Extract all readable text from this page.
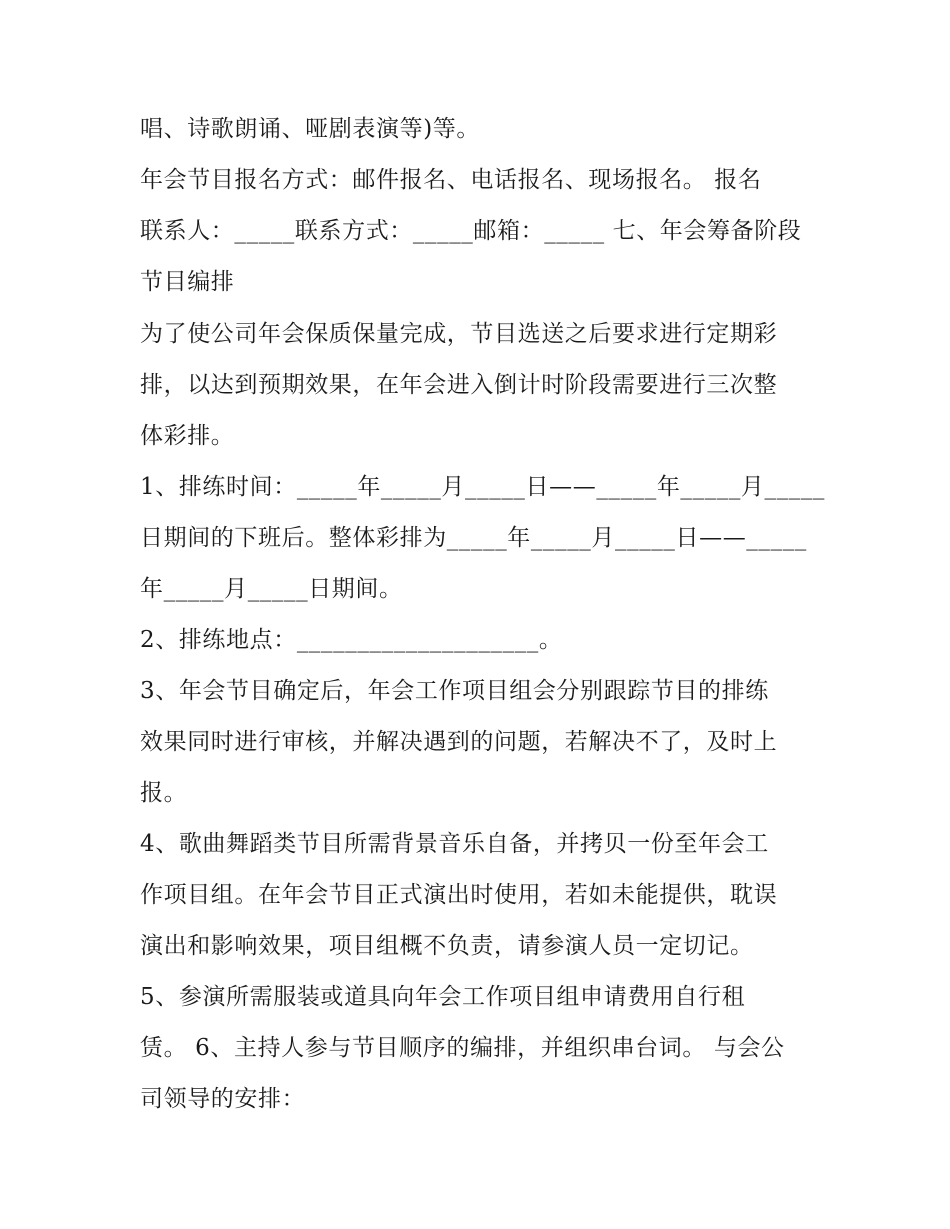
唱、诗歌朗诵、哑剧表演等)等。
年会节目报名方式：邮件报名、电话报名、现场报名。 报名
联系人：_____联系方式：_____邮箱：_____ 七、年会筹备阶段
节目编排
为了使公司年会保质保量完成，节目选送之后要求进行定期彩
排，以达到预期效果，在年会进入倒计时阶段需要进行三次整
体彩排。
1、排练时间：_____年_____月_____日——_____年_____月_____
日期间的下班后。整体彩排为_____年_____月_____日——_____
年_____月_____日期间。
2、排练地点：____________________。
3、年会节目确定后，年会工作项目组会分别跟踪节目的排练
效果同时进行审核，并解决遇到的问题，若解决不了，及时上
报。
4、歌曲舞蹈类节目所需背景音乐自备，并拷贝一份至年会工
作项目组。在年会节目正式演出时使用，若如未能提供，耽误
演出和影响效果，项目组概不负责，请参演人员一定切记。
5、参演所需服装或道具向年会工作项目组申请费用自行租
赁。 6、主持人参与节目顺序的编排，并组织串台词。 与会公
司领导的安排：
